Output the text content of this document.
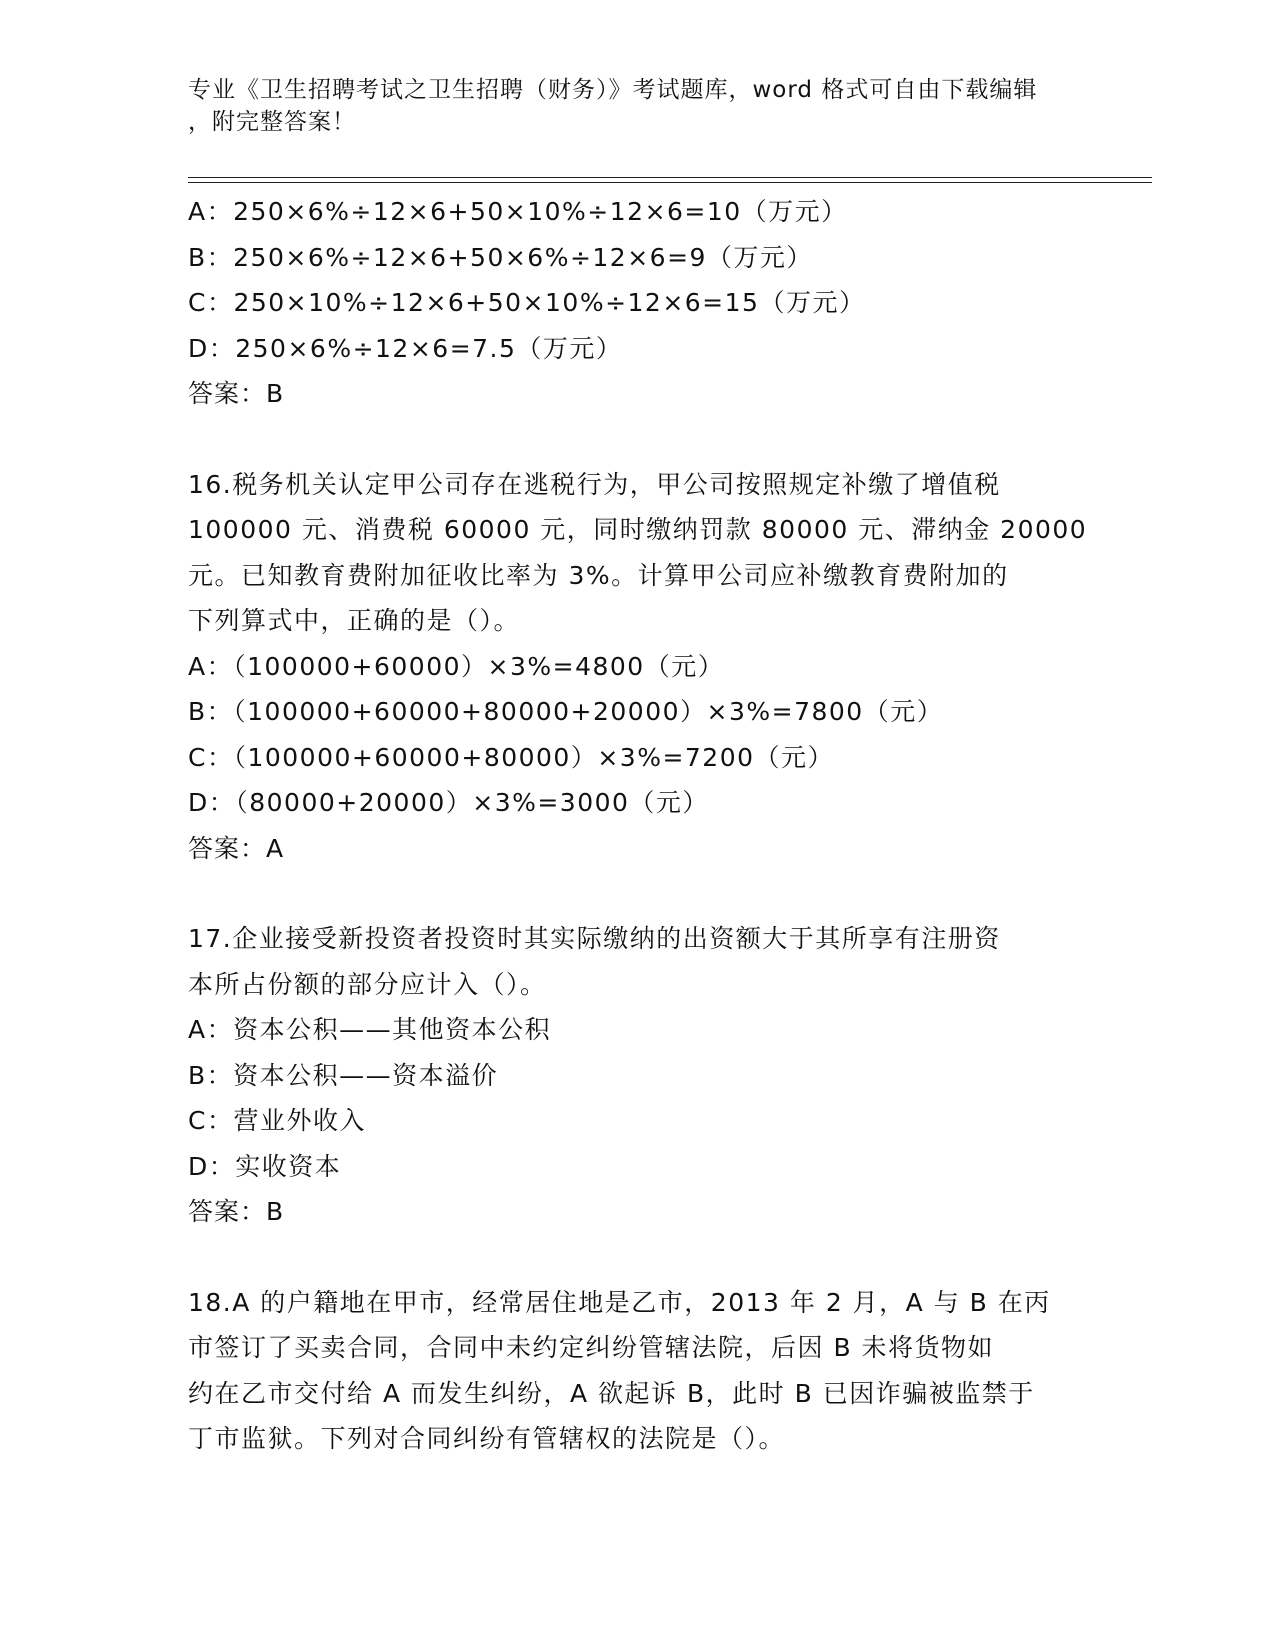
专业《卫生招聘考试之卫生招聘（财务）》考试题库，word 格式可自由下载编辑
，附完整答案！
A：250×6%÷12×6+50×10%÷12×6=10（万元）
B：250×6%÷12×6+50×6%÷12×6=9（万元）
C：250×10%÷12×6+50×10%÷12×6=15（万元）
D：250×6%÷12×6=7.5（万元）
答案：B
16.税务机关认定甲公司存在逃税行为，甲公司按照规定补缴了增值税
100000 元、消费税 60000 元，同时缴纳罚款 80000 元、滞纳金 20000
元。已知教育费附加征收比率为 3%。计算甲公司应补缴教育费附加的
下列算式中，正确的是（）。
A：（100000+60000）×3%=4800（元）
B：（100000+60000+80000+20000）×3%=7800（元）
C：（100000+60000+80000）×3%=7200（元）
D：（80000+20000）×3%=3000（元）
答案：A
17.企业接受新投资者投资时其实际缴纳的出资额大于其所享有注册资
本所占份额的部分应计入（）。
A：资本公积——其他资本公积
B：资本公积——资本溢价
C：营业外收入
D：实收资本
答案：B
18.A 的户籍地在甲市，经常居住地是乙市，2013 年 2 月，A 与 B 在丙
市签订了买卖合同，合同中未约定纠纷管辖法院，后因 B 未将货物如
约在乙市交付给 A 而发生纠纷，A 欲起诉 B，此时 B 已因诈骗被监禁于
丁市监狱。下列对合同纠纷有管辖权的法院是（）。
